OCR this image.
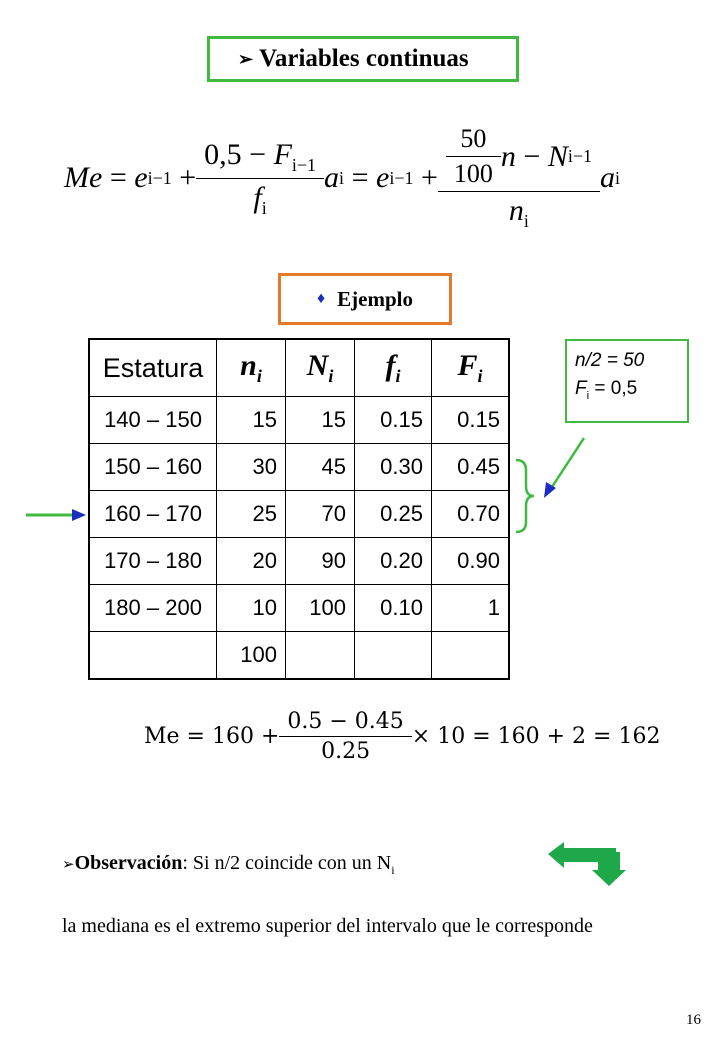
➢ Variables continuas
Me = e $i-1 + \frac{0,5 - F_{i-1}}{f_i}$ a i = e $i-1 + \frac{50}{100}$ n
−
N i−1
$n_i$ a i
♦ Ejemplo
Estatura	$n_i$	$N_i$	$f_i$	$F_i$
140 – 150	15	15	0.15	0.15
150 – 160	30	45	0.30	0.45
160 – 170	25	70	0.25	0.70
170 – 180	20	90	0.20	0.90
180 – 200	10	100	0.10	1
	100			
n/2 = 50
$F_i = 0,5$
$Me = 160 + \frac{0.5 - 0.45}{0.25} \times 10 = 160 + 2 = 162$
➢Observación: Si n/2 coincide con un $N_i$
la mediana es el extremo superior del intervalo que le corresponde
16
